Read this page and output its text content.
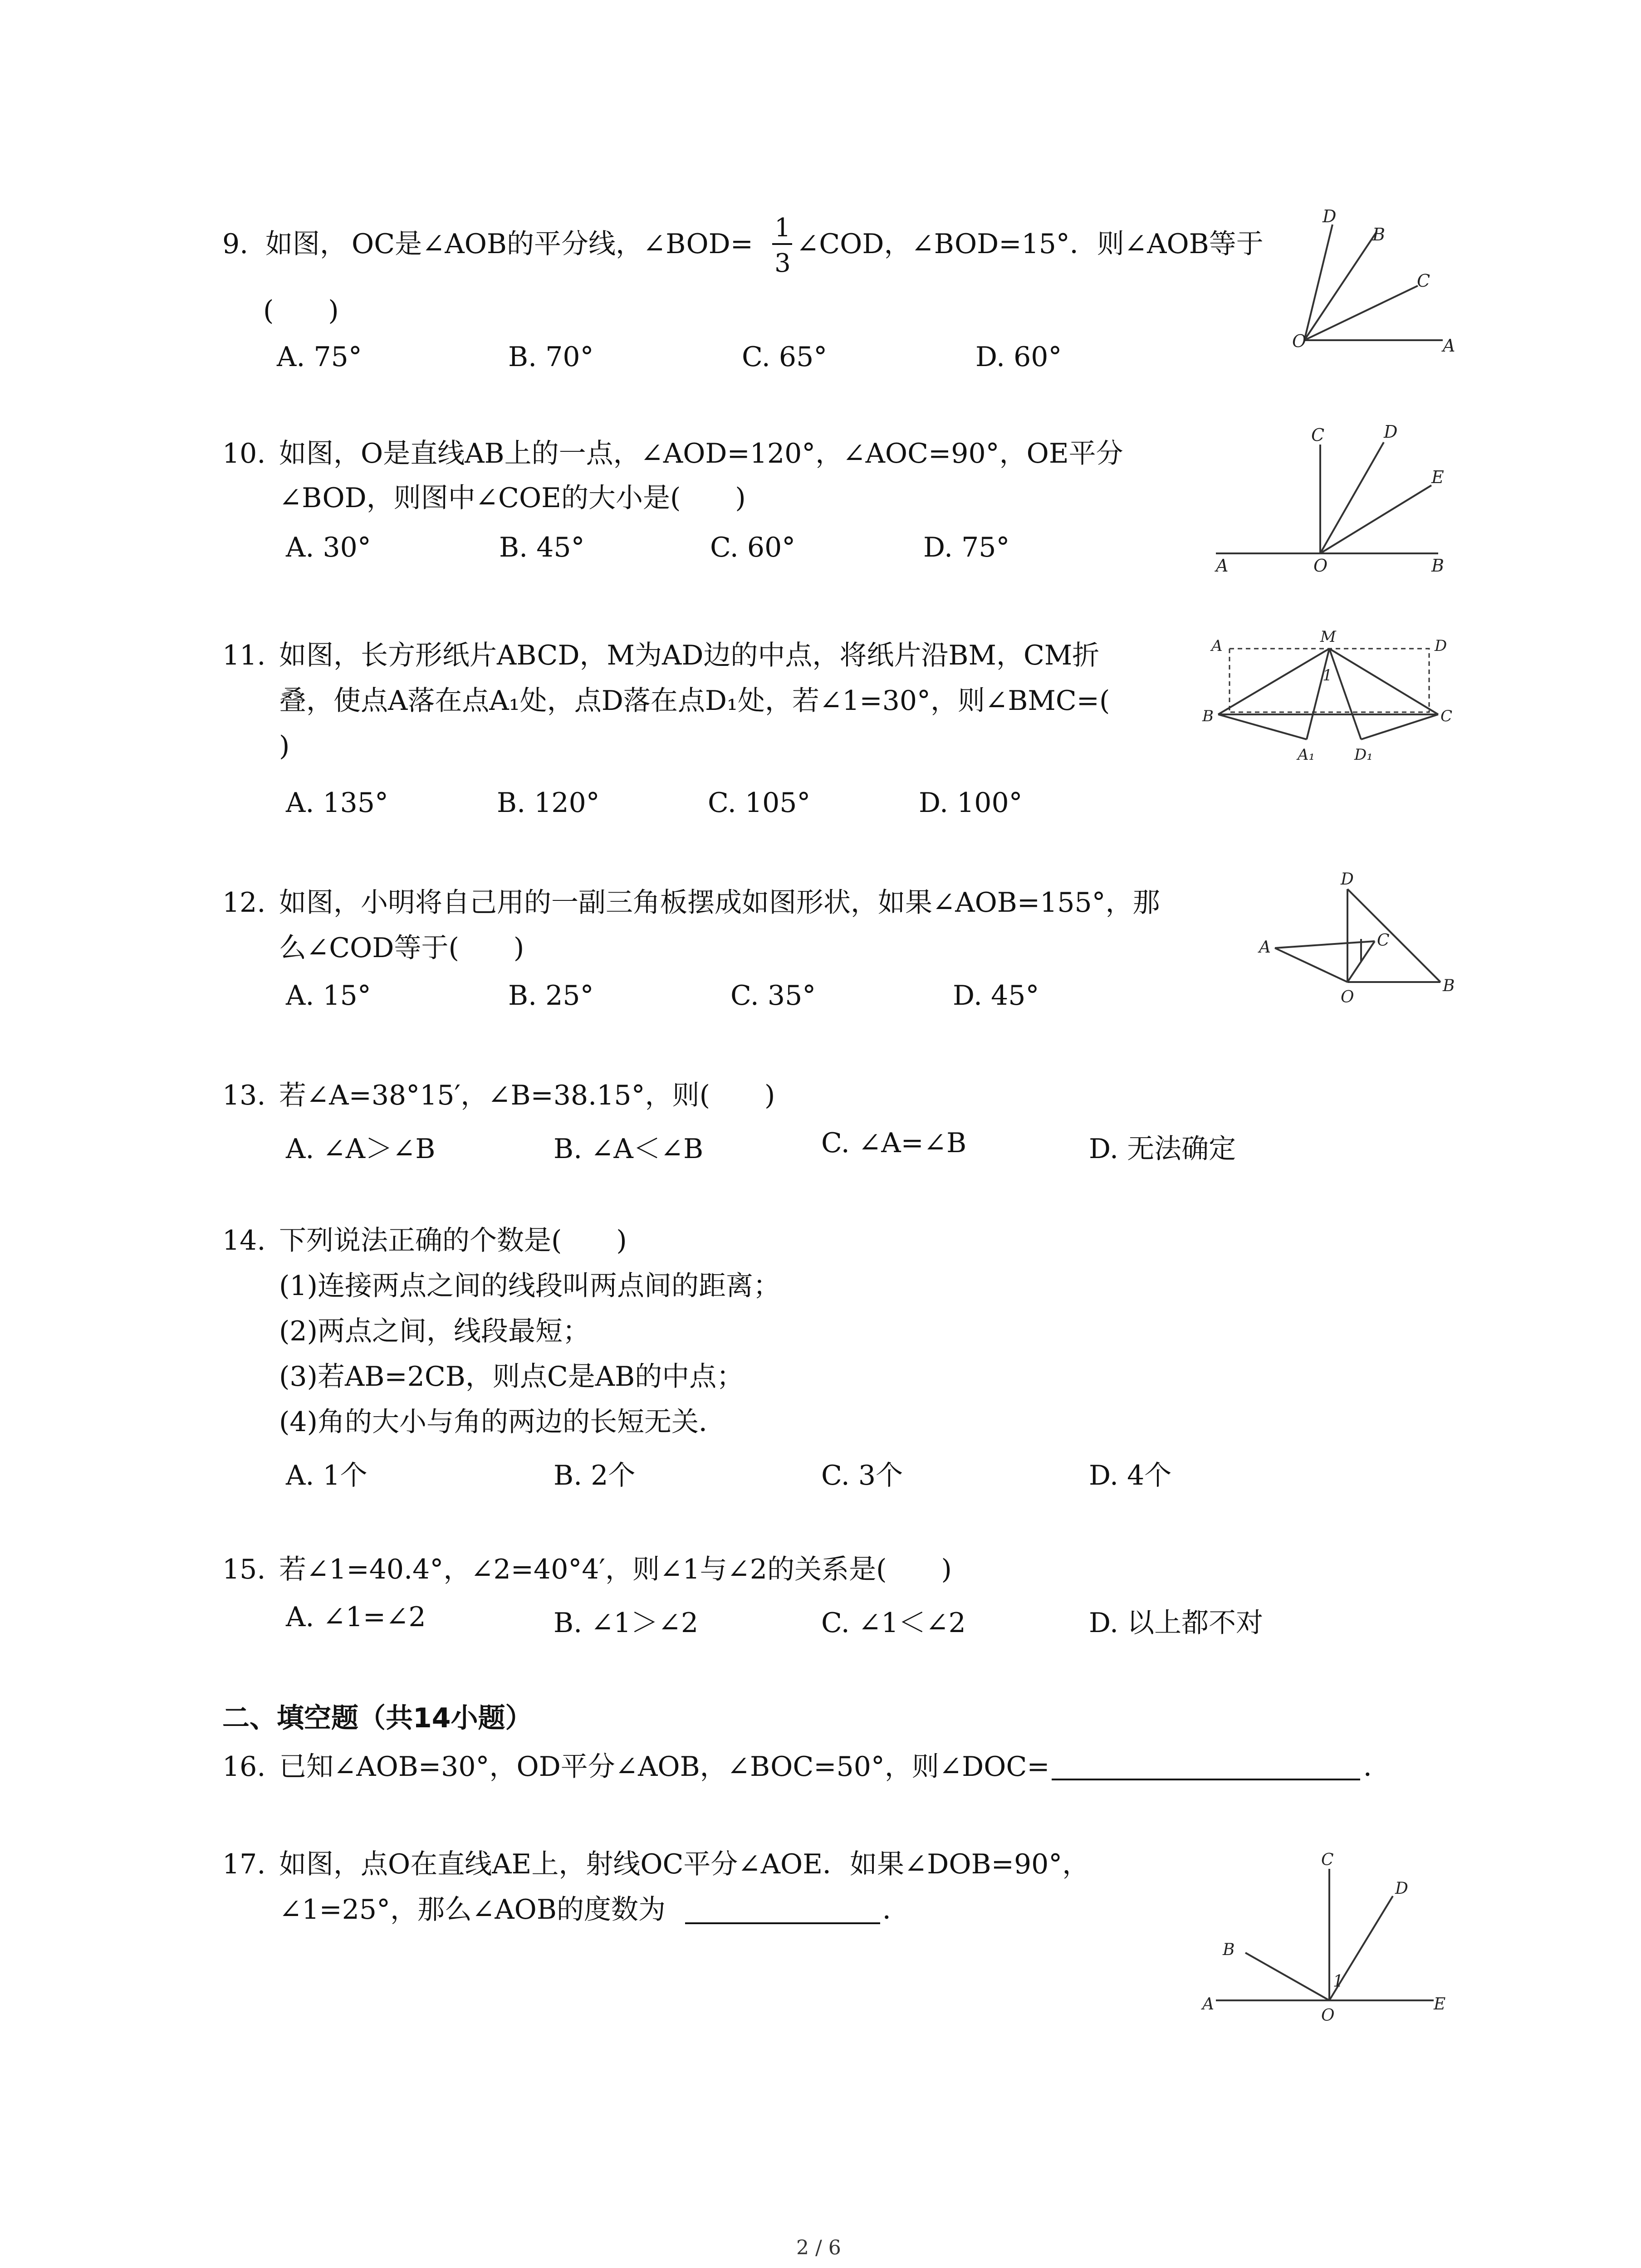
9. 如图， OC是∠AOB的平分线，∠BOD=
1
3
∠COD，∠BOD=15°．则∠AOB等于
(　　)
A. 75°	B. 70°	C. 65°	D. 60°
D
B
C
O	A
10. 如图，O是直线AB上的一点，∠AOD=120°，∠AOC=90°，OE平分
∠BOD，则图中∠COE的大小是(　　)
A. 30°	B. 45°	C. 60°	D. 75°
C	D
E
A	O	B
11. 如图，长方形纸片ABCD，M为AD边的中点，将纸片沿BM，CM折
叠，使点A落在点A₁处，点D落在点D₁处，若∠1=30°，则∠BMC=(
)
A. 135°	B. 120°	C. 105°	D. 100°
A	M	D
1
B	C
A₁	D₁
12. 如图，小明将自己用的一副三角板摆成如图形状，如果∠AOB=155°，那
么∠COD等于(　　)
A. 15°	B. 25°	C. 35°	D. 45°
D
A	C
O
B
13. 若∠A=38°15′，∠B=38.15°，则(　　)
A. ∠A＞∠B	B. ∠A＜∠B	C. ∠A=∠B	D. 无法确定
14. 下列说法正确的个数是(　　)
(1)连接两点之间的线段叫两点间的距离；
(2)两点之间，线段最短；
(3)若AB=2CB，则点C是AB的中点；
(4)角的大小与角的两边的长短无关．
A. 1个	B. 2个	C. 3个	D. 4个
15. 若∠1=40.4°，∠2=40°4′，则∠1与∠2的关系是(　　)
A. ∠1=∠2	B. ∠1＞∠2	C. ∠1＜∠2	D. 以上都不对
二、填空题（共14小题）
16. 已知∠AOB=30°，OD平分∠AOB，∠BOC=50°，则∠DOC=	．
17. 如图，点O在直线AE上，射线OC平分∠AOE．如果∠DOB=90°，
∠1=25°，那么∠AOB的度数为	．
C
D
B
1
A
O
E
2 / 6
